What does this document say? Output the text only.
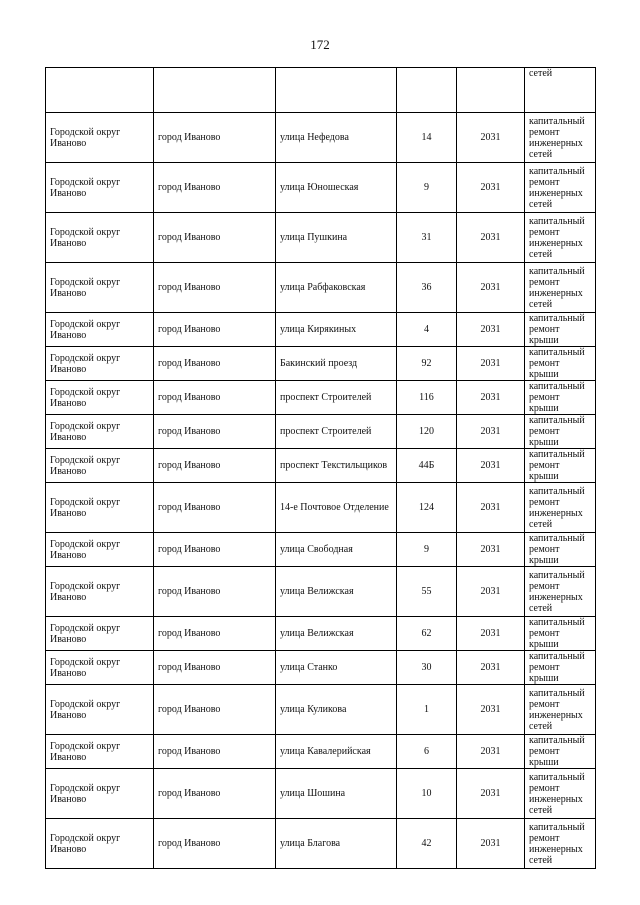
172
					сетей
Городской округ Иваново	город Иваново	улица Нефедова	14	2031	капитальный ремонт инженерных сетей
Городской округ Иваново	город Иваново	улица Юношеская	9	2031	капитальный ремонт инженерных сетей
Городской округ Иваново	город Иваново	улица Пушкина	31	2031	капитальный ремонт инженерных сетей
Городской округ Иваново	город Иваново	улица Рабфаковская	36	2031	капитальный ремонт инженерных сетей
Городской округ Иваново	город Иваново	улица Кирякиных	4	2031	капитальный ремонт крыши
Городской округ Иваново	город Иваново	Бакинский проезд	92	2031	капитальный ремонт крыши
Городской округ Иваново	город Иваново	проспект Строителей	116	2031	капитальный ремонт крыши
Городской округ Иваново	город Иваново	проспект Строителей	120	2031	капитальный ремонт крыши
Городской округ Иваново	город Иваново	проспект Текстильщиков	44Б	2031	капитальный ремонт крыши
Городской округ Иваново	город Иваново	14-е Почтовое Отделение	124	2031	капитальный ремонт инженерных сетей
Городской округ Иваново	город Иваново	улица Свободная	9	2031	капитальный ремонт крыши
Городской округ Иваново	город Иваново	улица Велижская	55	2031	капитальный ремонт инженерных сетей
Городской округ Иваново	город Иваново	улица Велижская	62	2031	капитальный ремонт крыши
Городской округ Иваново	город Иваново	улица Станко	30	2031	капитальный ремонт крыши
Городской округ Иваново	город Иваново	улица Куликова	1	2031	капитальный ремонт инженерных сетей
Городской округ Иваново	город Иваново	улица Кавалерийская	6	2031	капитальный ремонт крыши
Городской округ Иваново	город Иваново	улица Шошина	10	2031	капитальный ремонт инженерных сетей
Городской округ Иваново	город Иваново	улица Благова	42	2031	капитальный ремонт инженерных сетей
